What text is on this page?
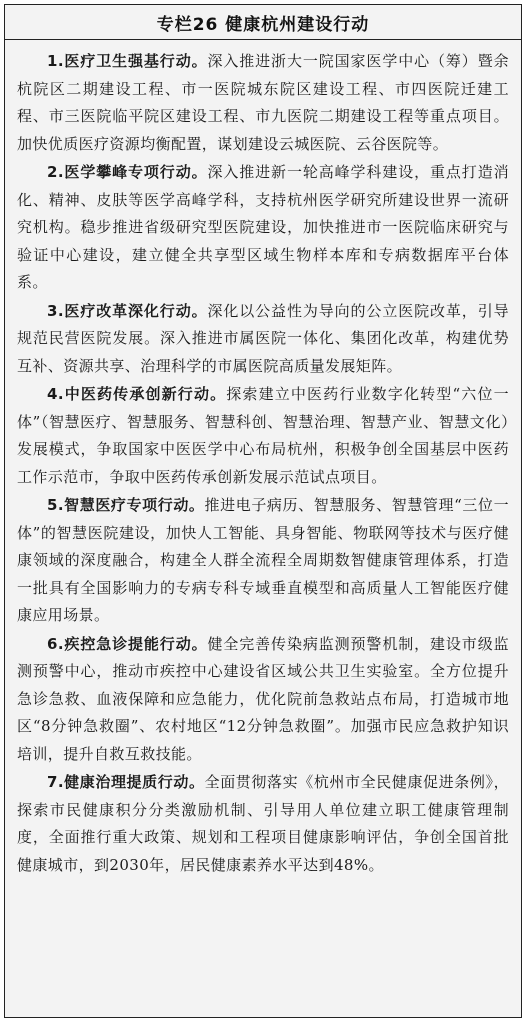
专栏26 健康杭州建设行动

1.医疗卫生强基行动。深入推进浙大一院国家医学中心（筹）暨余杭院区二期建设工程、市一医院城东院区建设工程、市四医院迁建工程、市三医院临平院区建设工程、市九医院二期建设工程等重点项目。加快优质医疗资源均衡配置，谋划建设云城医院、云谷医院等。

2.医学攀峰专项行动。深入推进新一轮高峰学科建设，重点打造消化、精神、皮肤等医学高峰学科，支持杭州医学研究所建设世界一流研究机构。稳步推进省级研究型医院建设，加快推进市一医院临床研究与验证中心建设，建立健全共享型区域生物样本库和专病数据库平台体系。

3.医疗改革深化行动。深化以公益性为导向的公立医院改革，引导规范民营医院发展。深入推进市属医院一体化、集团化改革，构建优势互补、资源共享、治理科学的市属医院高质量发展矩阵。

4.中医药传承创新行动。探索建立中医药行业数字化转型“六位一体”（智慧医疗、智慧服务、智慧科创、智慧治理、智慧产业、智慧文化）发展模式，争取国家中医医学中心布局杭州，积极争创全国基层中医药工作示范市，争取中医药传承创新发展示范试点项目。

5.智慧医疗专项行动。推进电子病历、智慧服务、智慧管理“三位一体”的智慧医院建设，加快人工智能、具身智能、物联网等技术与医疗健康领域的深度融合，构建全人群全流程全周期数智健康管理体系，打造一批具有全国影响力的专病专科专域垂直模型和高质量人工智能医疗健康应用场景。

6.疾控急诊提能行动。健全完善传染病监测预警机制，建设市级监测预警中心，推动市疾控中心建设省区域公共卫生实验室。全方位提升急诊急救、血液保障和应急能力，优化院前急救站点布局，打造城市地区“8分钟急救圈”、农村地区“12分钟急救圈”。加强市民应急救护知识培训，提升自救互救技能。

7.健康治理提质行动。全面贯彻落实《杭州市全民健康促进条例》，探索市民健康积分分类激励机制、引导用人单位建立职工健康管理制度，全面推行重大政策、规划和工程项目健康影响评估，争创全国首批健康城市，到2030年，居民健康素养水平达到48%。
